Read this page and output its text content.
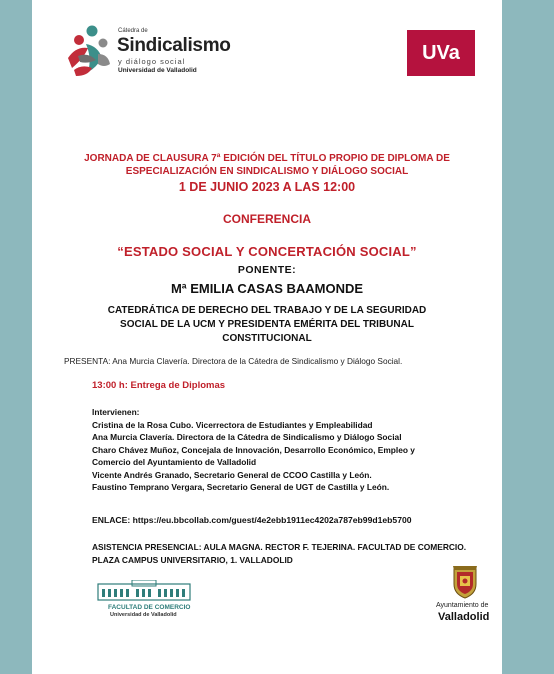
Cátedra de
Sindicalismo
y diálogo social
Universidad de Valladolid
UVa
JORNADA DE CLAUSURA 7ª EDICIÓN DEL TÍTULO PROPIO DE DIPLOMA DE
ESPECIALIZACIÓN EN SINDICALISMO Y DIÁLOGO SOCIAL
1 DE JUNIO 2023 A LAS 12:00
CONFERENCIA
“ESTADO SOCIAL Y CONCERTACIÓN SOCIAL”
PONENTE:
Mª EMILIA CASAS BAAMONDE
CATEDRÁTICA DE DERECHO DEL TRABAJO Y DE LA SEGURIDAD
SOCIAL DE LA UCM Y PRESIDENTA EMÉRITA DEL TRIBUNAL
CONSTITUCIONAL
PRESENTA: Ana Murcia Clavería. Directora de la Cátedra de Sindicalismo y Diálogo Social.
13:00 h: Entrega de Diplomas
Intervienen:
Cristina de la Rosa Cubo. Vicerrectora de Estudiantes y Empleabilidad
Ana Murcia Clavería. Directora de la Cátedra de Sindicalismo y Diálogo Social
Charo Chávez Muñoz, Concejala de Innovación, Desarrollo Económico, Empleo y
Comercio del Ayuntamiento de Valladolid
Vicente Andrés Granado, Secretario General de CCOO Castilla y León.
Faustino Temprano Vergara, Secretario General de UGT de Castilla y León.
ENLACE: https://eu.bbcollab.com/guest/4e2ebb1911ec4202a787eb99d1eb5700
ASISTENCIA PRESENCIAL: AULA MAGNA. RECTOR F. TEJERINA. FACULTAD DE COMERCIO.
PLAZA CAMPUS UNIVERSITARIO, 1. VALLADOLID
FACULTAD DE COMERCIO
Universidad de Valladolid
Ayuntamiento de
Valladolid
